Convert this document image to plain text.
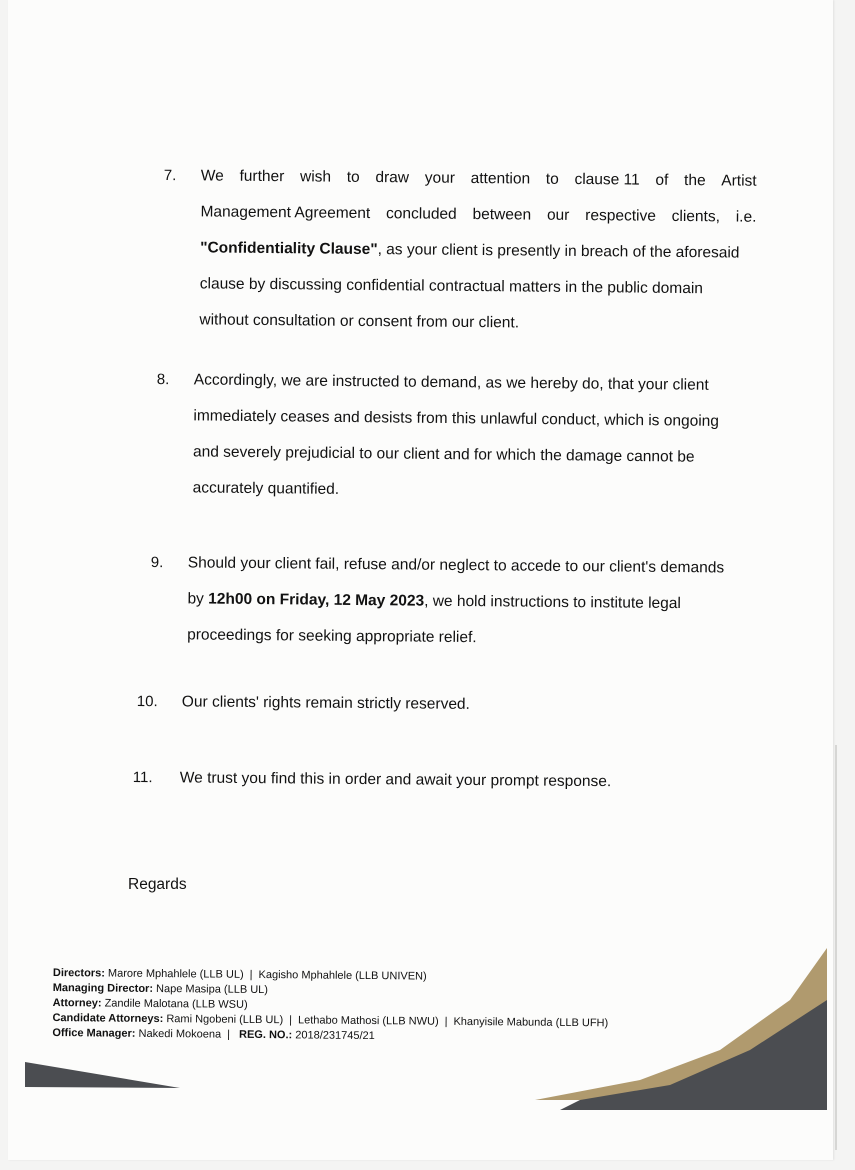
7. We further wish to draw your attention to clause 11 of the Artist
Management Agreement concluded between our respective clients, i.e.
"Confidentiality Clause", as your client is presently in breach of the aforesaid
clause by discussing confidential contractual matters in the public domain
without consultation or consent from our client.
8. Accordingly, we are instructed to demand, as we hereby do, that your client
immediately ceases and desists from this unlawful conduct, which is ongoing
and severely prejudicial to our client and for which the damage cannot be
accurately quantified.
9. Should your client fail, refuse and/or neglect to accede to our client's demands
by 12h00 on Friday, 12 May 2023, we hold instructions to institute legal
proceedings for seeking appropriate relief.
10. Our clients' rights remain strictly reserved.
11. We trust you find this in order and await your prompt response.
Regards
Directors: Marore Mphahlele (LLB UL) | Kagisho Mphahlele (LLB UNIVEN)
Managing Director: Nape Masipa (LLB UL)
Attorney: Zandile Malotana (LLB WSU)
Candidate Attorneys: Rami Ngobeni (LLB UL) | Lethabo Mathosi (LLB NWU) | Khanyisile Mabunda (LLB UFH)
Office Manager: Nakedi Mokoena | REG. NO.: 2018/231745/21
